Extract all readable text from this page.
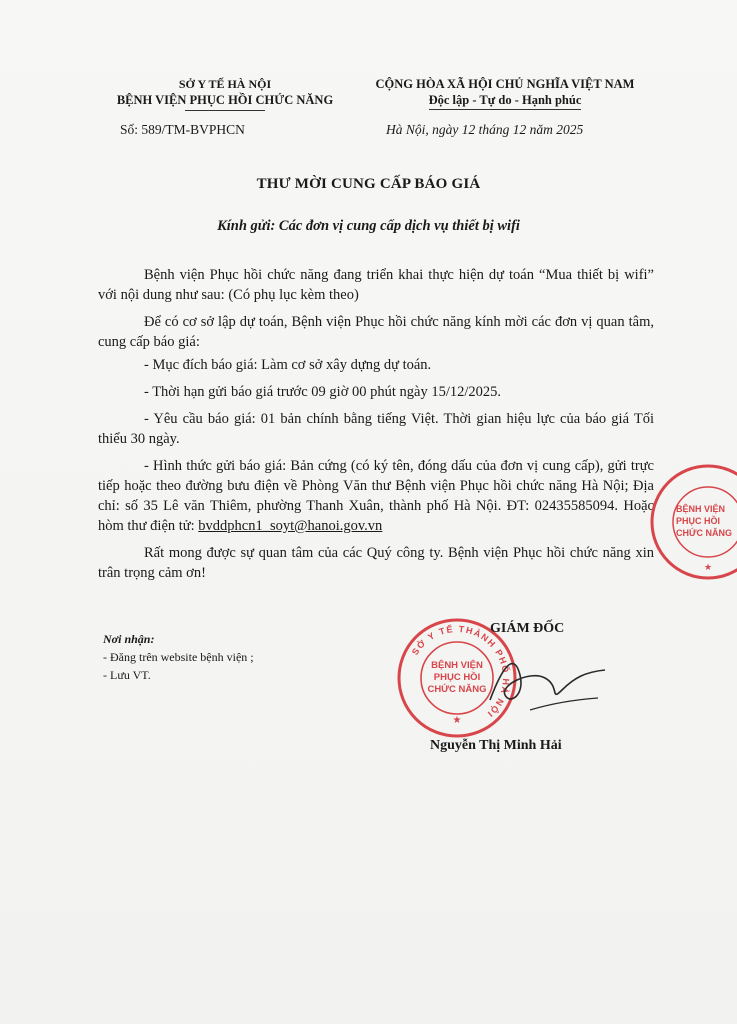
SỞ Y TẾ HÀ NỘI
BỆNH VIỆN PHỤC HỒI CHỨC NĂNG
CỘNG HÒA XÃ HỘI CHỦ NGHĨA VIỆT NAM
Độc lập - Tự do - Hạnh phúc
Số: 589/TM-BVPHCN	Hà Nội, ngày 12 tháng 12 năm 2025
THƯ MỜI CUNG CẤP BÁO GIÁ
Kính gửi: Các đơn vị cung cấp dịch vụ thiết bị wifi

Bệnh viện Phục hồi chức năng đang triển khai thực hiện dự toán “Mua thiết bị wifi” với nội dung như sau: (Có phụ lục kèm theo)

Để có cơ sở lập dự toán, Bệnh viện Phục hồi chức năng kính mời các đơn vị quan tâm, cung cấp báo giá:

- Mục đích báo giá: Làm cơ sở xây dựng dự toán.

- Thời hạn gửi báo giá trước 09 giờ 00 phút ngày 15/12/2025.

- Yêu cầu báo giá: 01 bản chính bằng tiếng Việt. Thời gian hiệu lực của báo giá Tối thiểu 30 ngày.

- Hình thức gửi báo giá: Bản cứng (có ký tên, đóng dấu của đơn vị cung cấp), gửi trực tiếp hoặc theo đường bưu điện về Phòng Văn thư Bệnh viện Phục hồi chức năng Hà Nội; Địa chỉ: số 35 Lê văn Thiêm, phường Thanh Xuân, thành phố Hà Nội. ĐT: 02435585094. Hoặc hòm thư điện tử: bvddphcn1_soyt@hanoi.gov.vn

Rất mong được sự quan tâm của các Quý công ty. Bệnh viện Phục hồi chức năng xin trân trọng cảm ơn!

Nơi nhận:
- Đăng trên website bệnh viện ;
- Lưu VT.
SỞ Y TẾ THÀNH PHỐ HÀ NỘI
BỆNH VIỆN
PHỤC HỒI
CHỨC NĂNG
★
BỆNH VIỆN
PHỤC HỒI
CHỨC NĂNG
★
GIÁM ĐỐC
Nguyễn Thị Minh Hải
